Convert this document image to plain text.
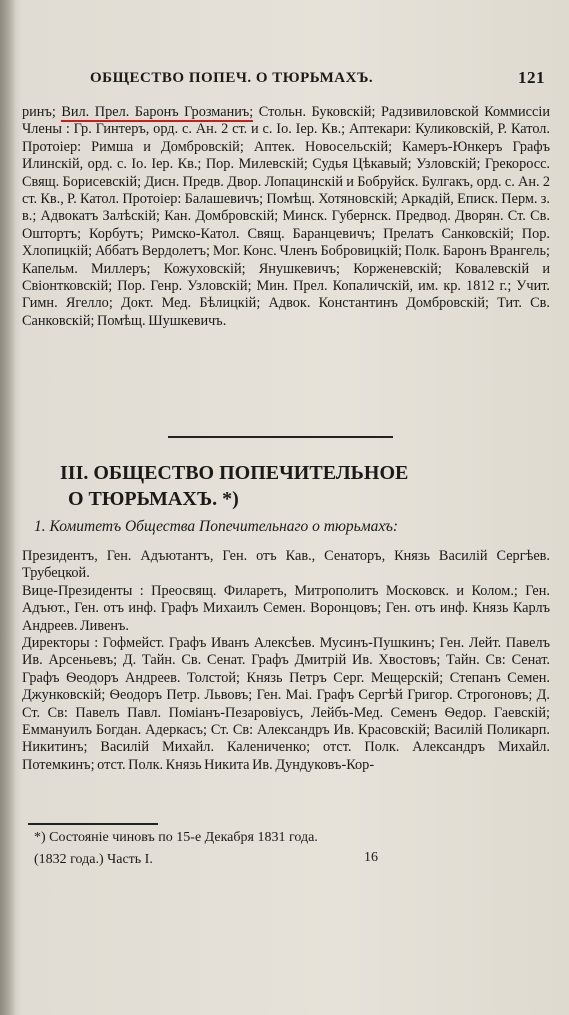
ОБЩЕСТВО ПОПЕЧ. О ТЮРЬМАХЪ.	121
ринъ; Вил. Прел. Баронъ Грозманиъ; Стольн. Буковскій; Радзивиловской Коммиссіи Члены : Гр. Гинтеръ, орд. с. Ан. 2 ст. и с. Іо. Іер. Кв.; Аптекари: Куликовскій, Р. Катол. Протоіер: Римша и Домбровскій; Аптек. Новосельскій; Камеръ-Юнкеръ Графъ Илинскій, орд. с. Іо. Іер. Кв.; Пор. Милевскій; Судья Цѣкавый; Узловскій; Грекоросс. Свящ. Борисевскій; Дисн. Предв. Двор. Лопацинскій и Бобруйск. Булгакъ, орд. с. Ан. 2 ст. Кв., Р. Катол. Протоіер: Балашевичъ; Помѣщ. Хотяновскій; Аркадій, Еписк. Перм. з. в.; Адвокатъ Залѣскій; Кан. Домбровскій; Минск. Губернск. Предвод. Дворян. Ст. Св. Оштортъ; Корбутъ; Римско-Катол. Свящ. Баранцевичъ; Прелатъ Санковскій; Пор. Хлопицкій; Аббатъ Вердолетъ; Мог. Конс. Членъ Бобровицкій; Полк. Баронъ Врангель; Капельм. Миллеръ; Кожуховскій; Янушкевичъ; Корженевскій; Ковалевскій и Свіонтковскій; Пор. Генр. Узловскій; Мин. Прел. Копаличскій, им. кр. 1812 г.; Учит. Гимн. Ягелло; Докт. Мед. Бѣлицкій; Адвок. Константинъ Домбровскій; Тит. Св. Санковскій; Помѣщ. Шушкевичъ.
III. ОБЩЕСТВО ПОПЕЧИТЕЛЬНОЕ
О ТЮРЬМАХЪ. *)
1. Комитетъ Общества Попечительнаго о тюрьмахъ:

Президентъ, Ген. Адъютантъ, Ген. отъ Кав., Сенаторъ, Князь Василій Сергѣев. Трубецкой.

Вице-Президенты : Преосвящ. Филаретъ, Митрополитъ Московск. и Колом.; Ген. Адъют., Ген. отъ инф. Графъ Михаилъ Семен. Воронцовъ; Ген. отъ инф. Князь Карлъ Андреев. Ливенъ.

Директоры : Гофмейст. Графъ Иванъ Алексѣев. Мусинъ-Пушкинъ; Ген. Лейт. Павелъ Ив. Арсеньевъ; Д. Тайн. Св. Сенат. Графъ Дмитрій Ив. Хвостовъ; Тайн. Св: Сенат. Графъ Ѳеодоръ Андреев. Толстой; Князь Петръ Серг. Мещерскій; Степанъ Семен. Джунковскій; Ѳеодоръ Петр. Львовъ; Ген. Маі. Графъ Сергѣй Григор. Строгоновъ; Д. Ст. Св: Павелъ Павл. Поміанъ-Пезаровіусъ, Лейбъ-Мед. Семенъ Ѳедор. Гаевскій; Еммануилъ Богдан. Адеркасъ; Ст. Св: Александръ Ив. Красовскій; Василій Поликарп. Никитинъ; Василій Михайл. Калениченко; отст. Полк. Александръ Михайл. Потемкинъ; отст. Полк. Князь Никита Ив. Дундуковъ-Кор-

*) Состояніе чиновъ по 15-е Декабря 1831 года.
(1832 года.) Часть I.	16
